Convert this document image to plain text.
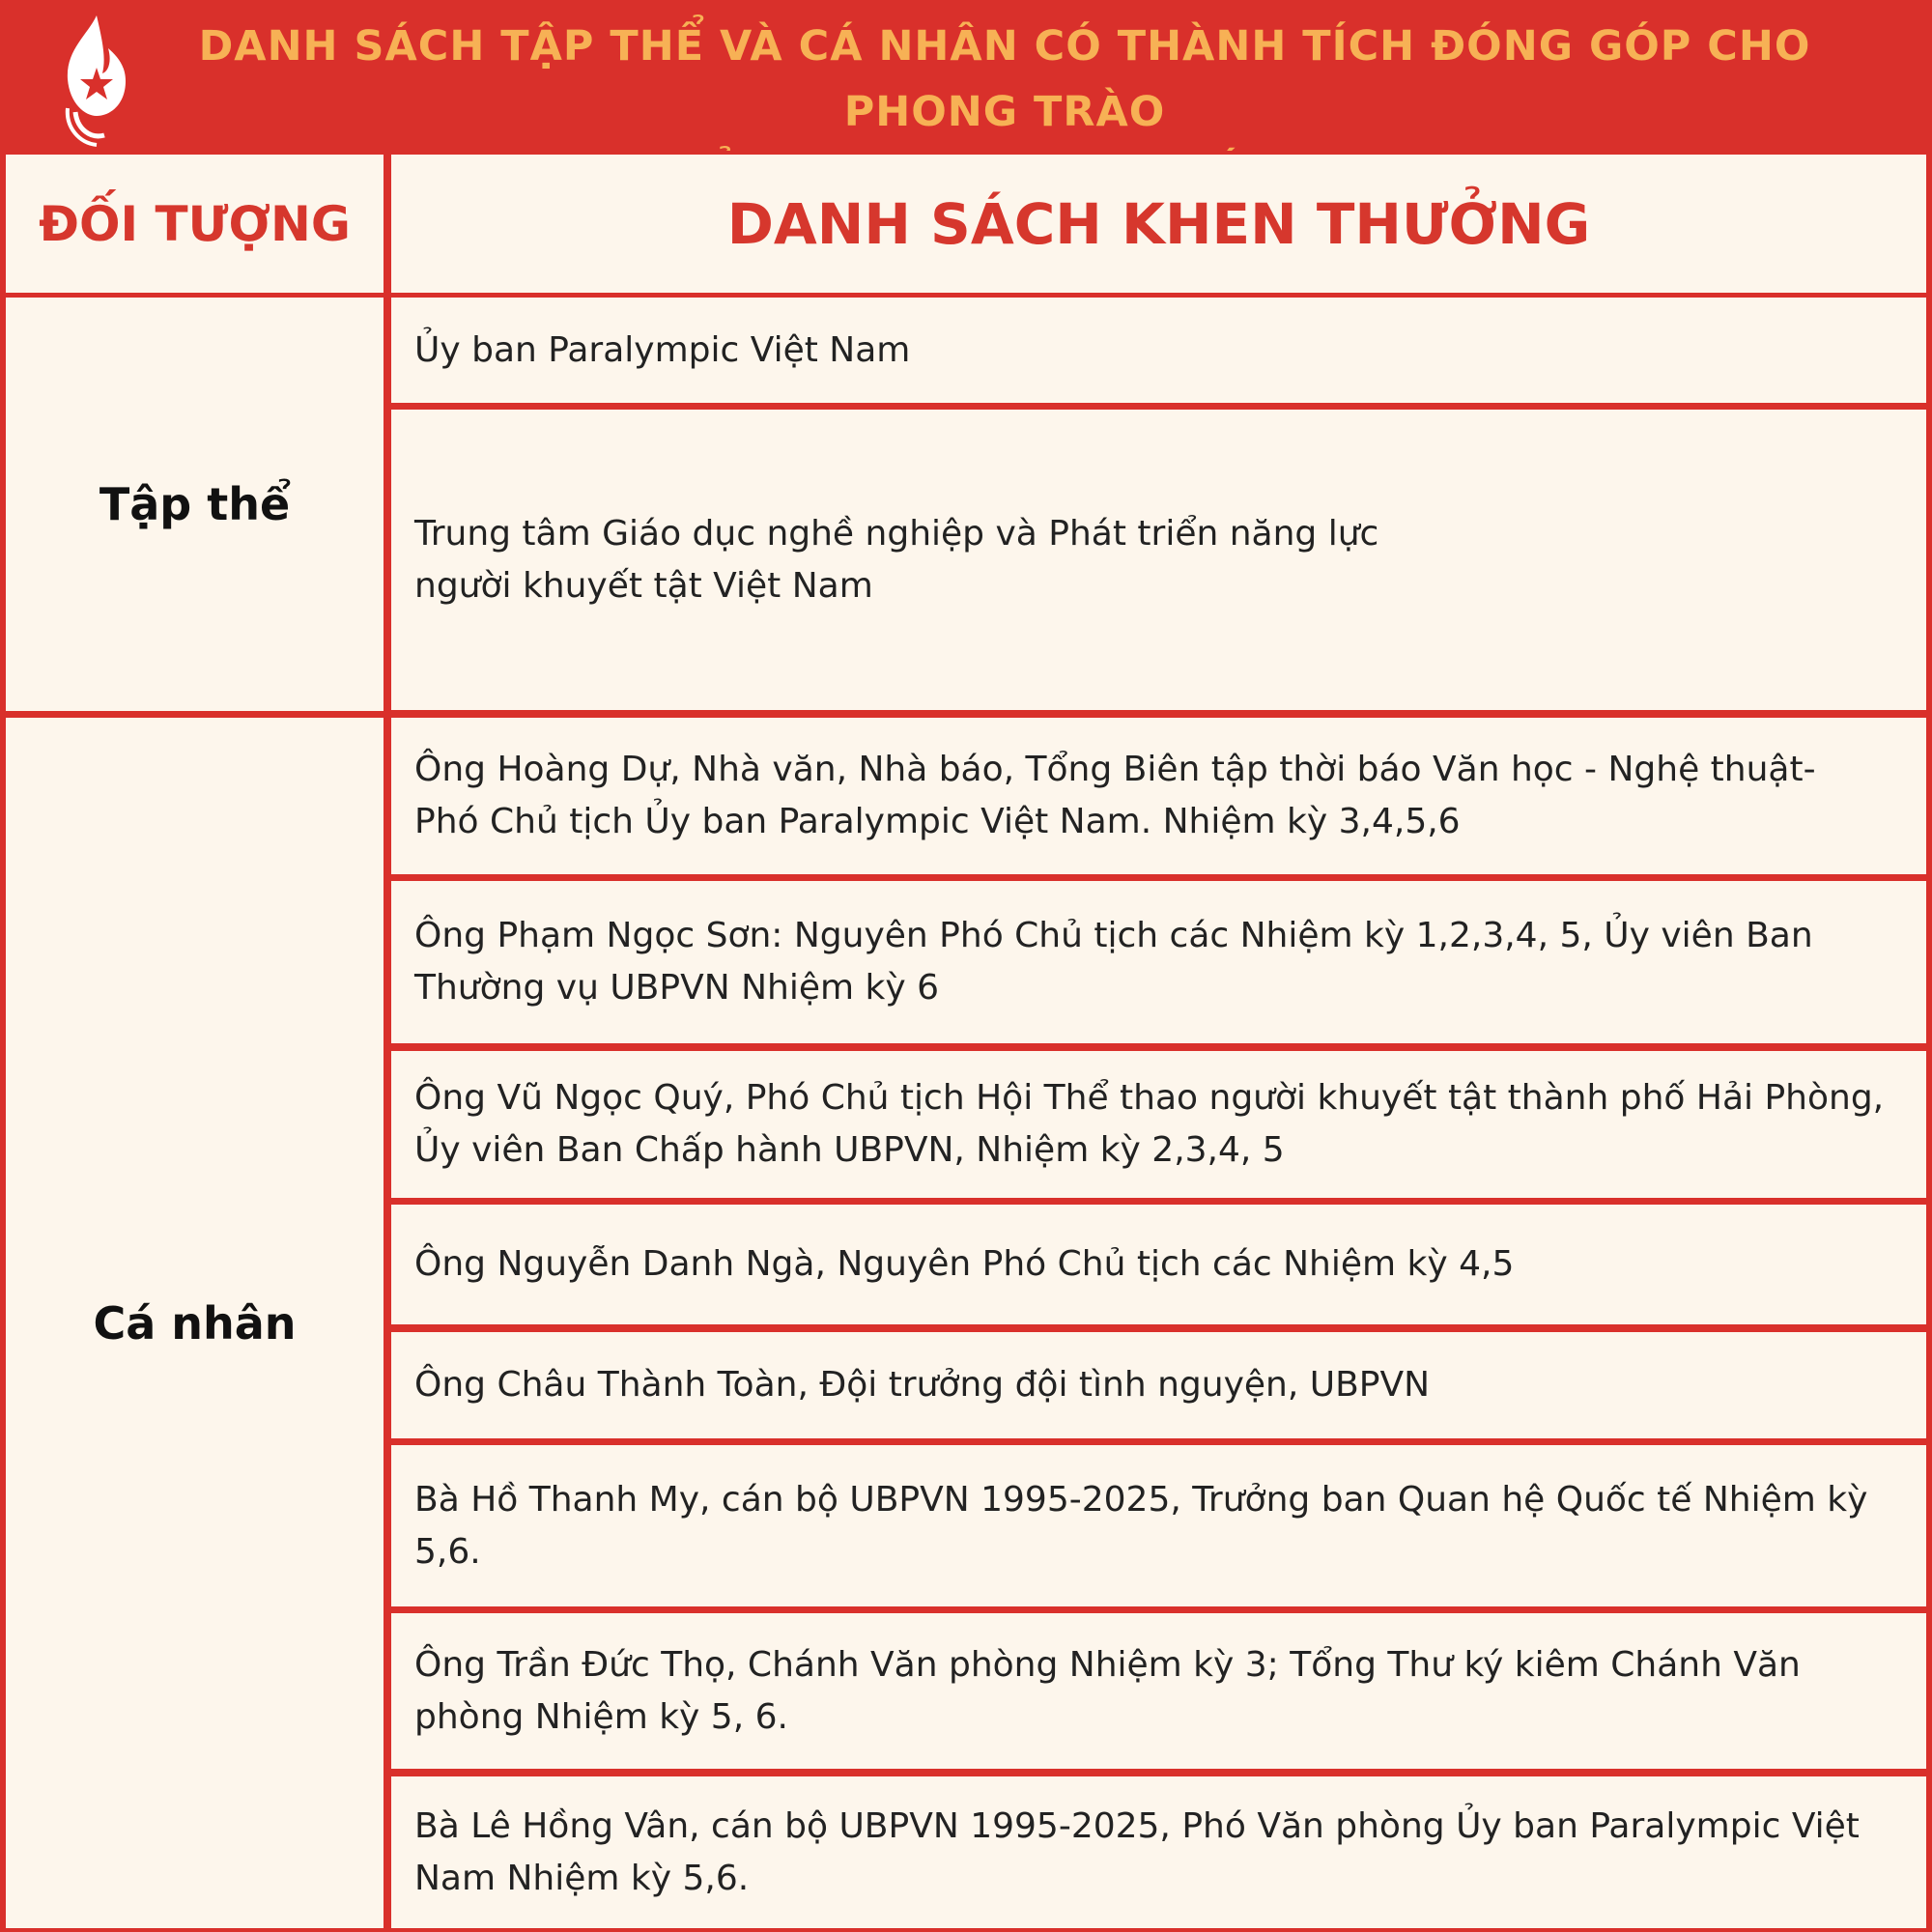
DANH SÁCH TẬP THỂ VÀ CÁ NHÂN CÓ THÀNH TÍCH ĐÓNG GÓP CHO PHONG TRÀO
ĐỐI TƯỢNG	DANH SÁCH KHEN THƯỞNG
Tập thể
Ủy ban Paralympic Việt Nam
Trung tâm Giáo dục nghề nghiệp và Phát triển năng lực
người khuyết tật Việt Nam
Cá nhân
Ông Hoàng Dự, Nhà văn, Nhà báo, Tổng Biên tập thời báo Văn học - Nghệ thuật-
Phó Chủ tịch Ủy ban Paralympic Việt Nam. Nhiệm kỳ 3,4,5,6
Ông Phạm Ngọc Sơn: Nguyên Phó Chủ tịch các Nhiệm kỳ 1,2,3,4, 5, Ủy viên Ban
Thường vụ UBPVN Nhiệm kỳ 6
Ông Vũ Ngọc Quý, Phó Chủ tịch Hội Thể thao người khuyết tật thành phố Hải Phòng,
Ủy viên Ban Chấp hành UBPVN, Nhiệm kỳ 2,3,4, 5
Ông Nguyễn Danh Ngà, Nguyên Phó Chủ tịch các Nhiệm kỳ 4,5
Ông Châu Thành Toàn, Đội trưởng đội tình nguyện, UBPVN
Bà Hồ Thanh My, cán bộ UBPVN 1995-2025, Trưởng ban Quan hệ Quốc tế Nhiệm kỳ
5,6.
Ông Trần Đức Thọ, Chánh Văn phòng Nhiệm kỳ 3; Tổng Thư ký kiêm Chánh Văn
phòng Nhiệm kỳ 5, 6.
Bà Lê Hồng Vân, cán bộ UBPVN 1995-2025, Phó Văn phòng Ủy ban Paralympic Việt
Nam Nhiệm kỳ 5,6.
